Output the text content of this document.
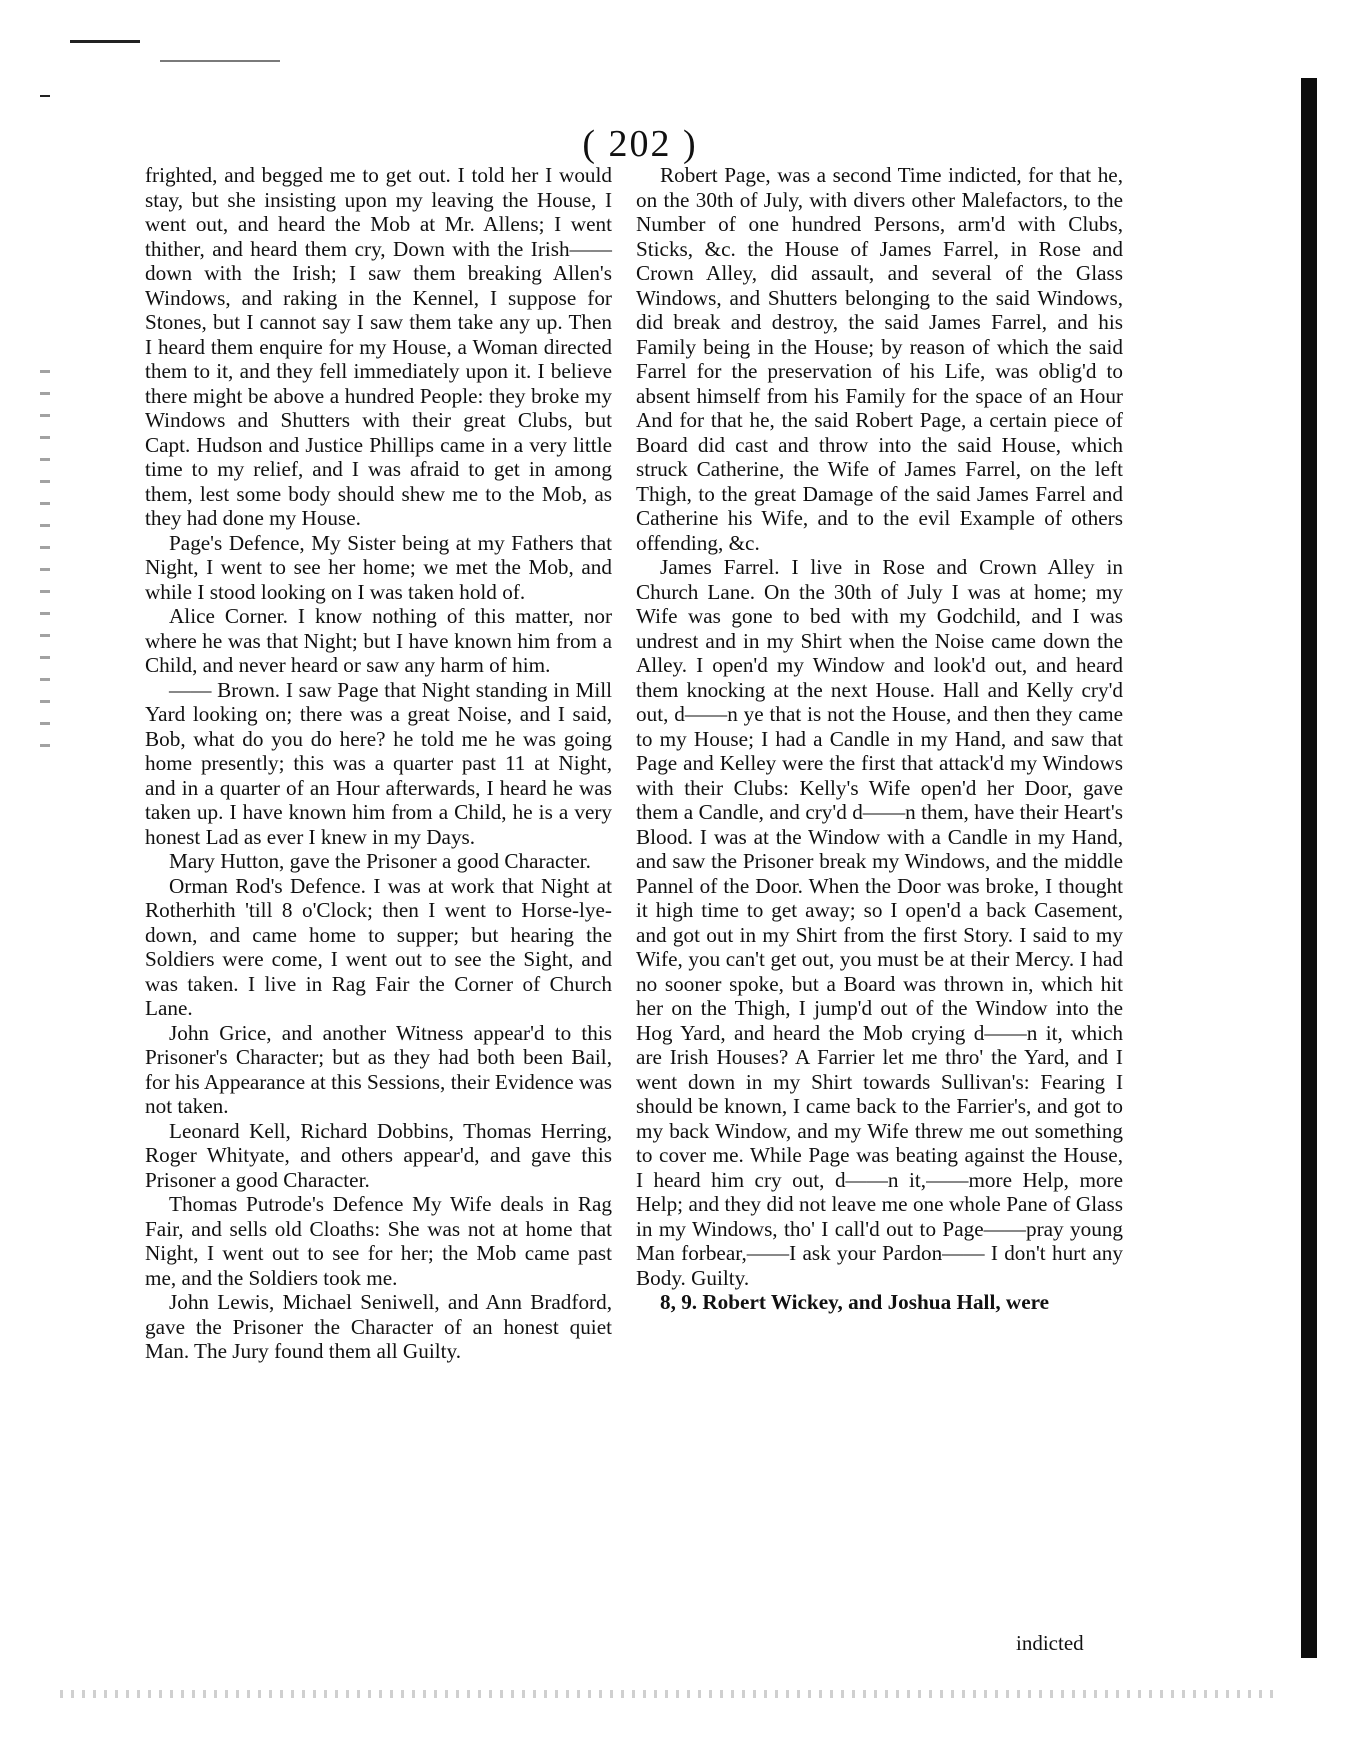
( 202 )

frighted, and begged me to get out. I told her I would stay, but she insisting upon my leaving the House, I went out, and heard the Mob at Mr. Allens; I went thither, and heard them cry, Down with the Irish—— down with the Irish; I saw them breaking Allen's Windows, and raking in the Kennel, I suppose for Stones, but I cannot say I saw them take any up. Then I heard them enquire for my House, a Woman directed them to it, and they fell immediately upon it. I believe there might be above a hundred People: they broke my Windows and Shutters with their great Clubs, but Capt. Hudson and Justice Phillips came in a very little time to my relief, and I was afraid to get in among them, lest some body should shew me to the Mob, as they had done my House.

Page's Defence, My Sister being at my Fathers that Night, I went to see her home; we met the Mob, and while I stood looking on I was taken hold of.

Alice Corner. I know nothing of this matter, nor where he was that Night; but I have known him from a Child, and never heard or saw any harm of him.

—— Brown. I saw Page that Night standing in Mill Yard looking on; there was a great Noise, and I said, Bob, what do you do here? he told me he was going home presently; this was a quarter past 11 at Night, and in a quarter of an Hour afterwards, I heard he was taken up. I have known him from a Child, he is a very honest Lad as ever I knew in my Days.

Mary Hutton, gave the Prisoner a good Character.

Orman Rod's Defence. I was at work that Night at Rotherhith 'till 8 o'Clock; then I went to Horse-lye-down, and came home to supper; but hearing the Soldiers were come, I went out to see the Sight, and was taken. I live in Rag Fair the Corner of Church Lane.

John Grice, and another Witness appear'd to this Prisoner's Character; but as they had both been Bail, for his Appearance at this Sessions, their Evidence was not taken.

Leonard Kell, Richard Dobbins, Thomas Herring, Roger Whityate, and others appear'd, and gave this Prisoner a good Character.

Thomas Putrode's Defence My Wife deals in Rag Fair, and sells old Cloaths: She was not at home that Night, I went out to see for her; the Mob came past me, and the Soldiers took me.

John Lewis, Michael Seniwell, and Ann Bradford, gave the Prisoner the Character of an honest quiet Man. The Jury found them all Guilty.

Robert Page, was a second Time indicted, for that he, on the 30th of July, with divers other Malefactors, to the Number of one hundred Persons, arm'd with Clubs, Sticks, &c. the House of James Farrel, in Rose and Crown Alley, did assault, and several of the Glass Windows, and Shutters belonging to the said Windows, did break and destroy, the said James Farrel, and his Family being in the House; by reason of which the said Farrel for the preservation of his Life, was oblig'd to absent himself from his Family for the space of an Hour And for that he, the said Robert Page, a certain piece of Board did cast and throw into the said House, which struck Catherine, the Wife of James Farrel, on the left Thigh, to the great Damage of the said James Farrel and Catherine his Wife, and to the evil Example of others offending, &c.

James Farrel. I live in Rose and Crown Alley in Church Lane. On the 30th of July I was at home; my Wife was gone to bed with my Godchild, and I was undrest and in my Shirt when the Noise came down the Alley. I open'd my Window and look'd out, and heard them knocking at the next House. Hall and Kelly cry'd out, d——n ye that is not the House, and then they came to my House; I had a Candle in my Hand, and saw that Page and Kelley were the first that attack'd my Windows with their Clubs: Kelly's Wife open'd her Door, gave them a Candle, and cry'd d——n them, have their Heart's Blood. I was at the Window with a Candle in my Hand, and saw the Prisoner break my Windows, and the middle Pannel of the Door. When the Door was broke, I thought it high time to get away; so I open'd a back Casement, and got out in my Shirt from the first Story. I said to my Wife, you can't get out, you must be at their Mercy. I had no sooner spoke, but a Board was thrown in, which hit her on the Thigh, I jump'd out of the Window into the Hog Yard, and heard the Mob crying d——n it, which are Irish Houses? A Farrier let me thro' the Yard, and I went down in my Shirt towards Sullivan's: Fearing I should be known, I came back to the Farrier's, and got to my back Window, and my Wife threw me out something to cover me. While Page was beating against the House, I heard him cry out, d——n it,——more Help, more Help; and they did not leave me one whole Pane of Glass in my Windows, tho' I call'd out to Page——pray young Man forbear,——I ask your Pardon—— I don't hurt any Body. Guilty.

8, 9. Robert Wickey, and Joshua Hall, were

indicted
